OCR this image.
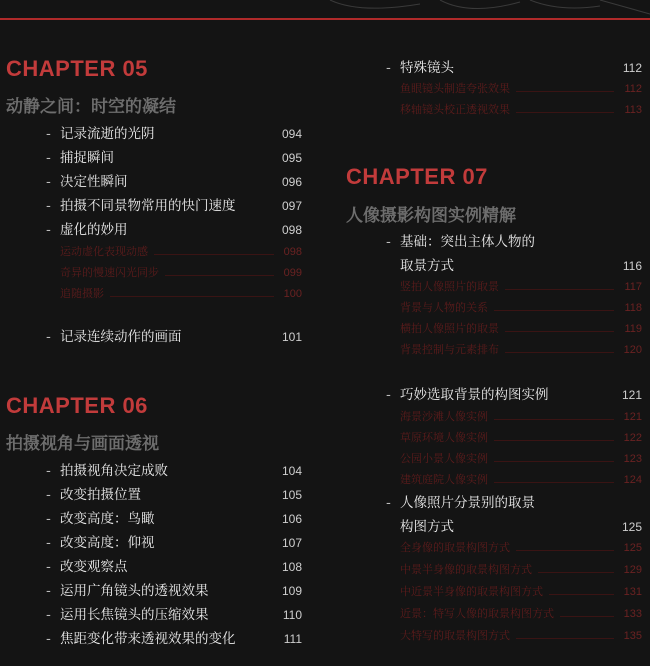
CHAPTER 05
动静之间：时空的凝结
CHAPTER 06
拍摄视角与画面透视
CHAPTER 07
人像摄影构图实例精解
- 记录流逝的光阴	094
- 捕捉瞬间	095
- 决定性瞬间	096
- 拍摄不同景物常用的快门速度	097
- 虚化的妙用	098
运动虚化表现动感	098
奇异的慢速闪光同步	099
追随摄影	100
- 记录连续动作的画面	101
- 拍摄视角决定成败	104
- 改变拍摄位置	105
- 改变高度：鸟瞰	106
- 改变高度：仰视	107
- 改变观察点	108
- 运用广角镜头的透视效果	109
- 运用长焦镜头的压缩效果	110
- 焦距变化带来透视效果的变化	111
- 特殊镜头	112
鱼眼镜头制造夸张效果	112
移轴镜头校正透视效果	113
- 基础：突出主体人物的
取景方式	116
竖拍人像照片的取景	117
背景与人物的关系	118
横拍人像照片的取景	119
背景控制与元素排布	120
- 巧妙选取背景的构图实例	121
海景沙滩人像实例	121
草原环境人像实例	122
公园小景人像实例	123
建筑庭院人像实例	124
- 人像照片分景别的取景
构图方式	125
全身像的取景构图方式	125
中景半身像的取景构图方式	129
中近景半身像的取景构图方式	131
近景：特写人像的取景构图方式	133
大特写的取景构图方式	135
